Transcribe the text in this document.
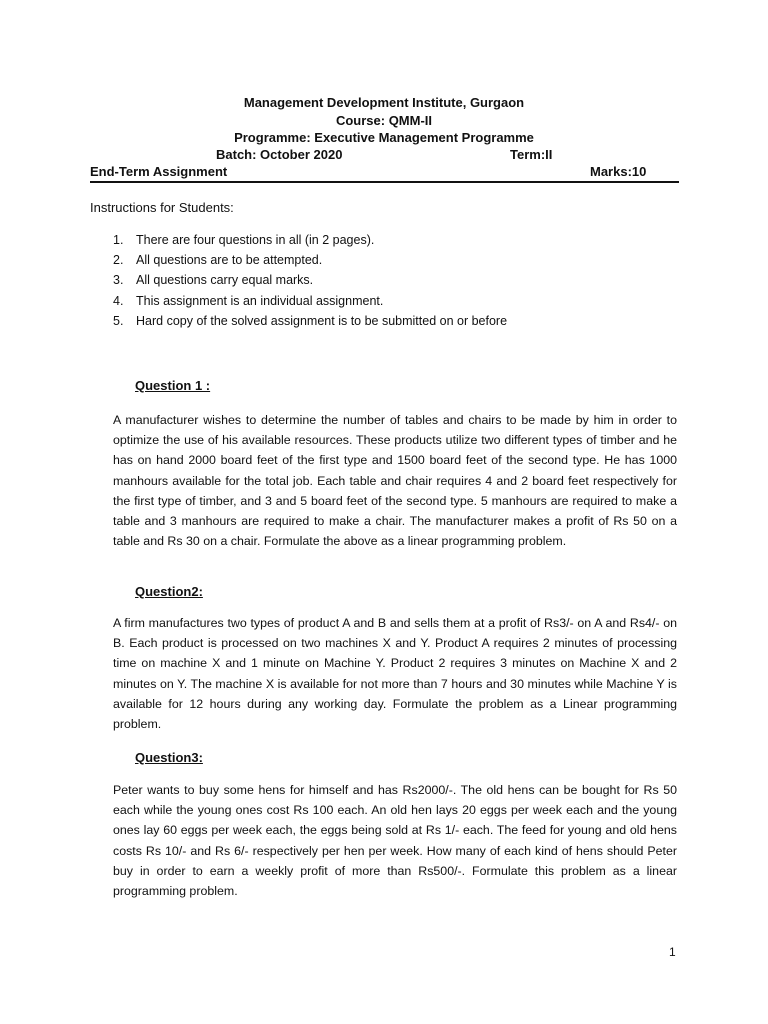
Management Development Institute, Gurgaon
Course: QMM-II
Programme: Executive Management Programme
Batch: October 2020	Term:II
End-Term Assignment	Marks:10
Instructions for Students:
1. There are four questions in all (in 2 pages).
2. All questions are to be attempted.
3. All questions carry equal marks.
4. This assignment is an individual assignment.
5. Hard copy of the solved assignment is to be submitted on or before
Question 1 :

A manufacturer wishes to determine the number of tables and chairs to be made by him in order to optimize the use of his available resources. These products utilize two different types of timber and he has on hand 2000 board feet of the first type and 1500 board feet of the second type. He has 1000 manhours available for the total job. Each table and chair requires 4 and 2 board feet respectively for the first type of timber, and 3 and 5 board feet of the second type. 5 manhours are required to make a table and 3 manhours are required to make a chair. The manufacturer makes a profit of Rs 50 on a table and Rs 30 on a chair. Formulate the above as a linear programming problem.

Question2:

A firm manufactures two types of product A and B and sells them at a profit of Rs3/- on A and Rs4/- on B. Each product is processed on two machines X and Y. Product A requires 2 minutes of processing time on machine X and 1 minute on Machine Y. Product 2 requires 3 minutes on Machine X and 2 minutes on Y. The machine X is available for not more than 7 hours and 30 minutes while Machine Y is available for 12 hours during any working day. Formulate the problem as a Linear programming problem.

Question3:

Peter wants to buy some hens for himself and has Rs2000/-. The old hens can be bought for Rs 50 each while the young ones cost Rs 100 each. An old hen lays 20 eggs per week each and the young ones lay 60 eggs per week each, the eggs being sold at Rs 1/- each. The feed for young and old hens costs Rs 10/- and Rs 6/- respectively per hen per week. How many of each kind of hens should Peter buy in order to earn a weekly profit of more than Rs500/-. Formulate this problem as a linear programming problem.

1
